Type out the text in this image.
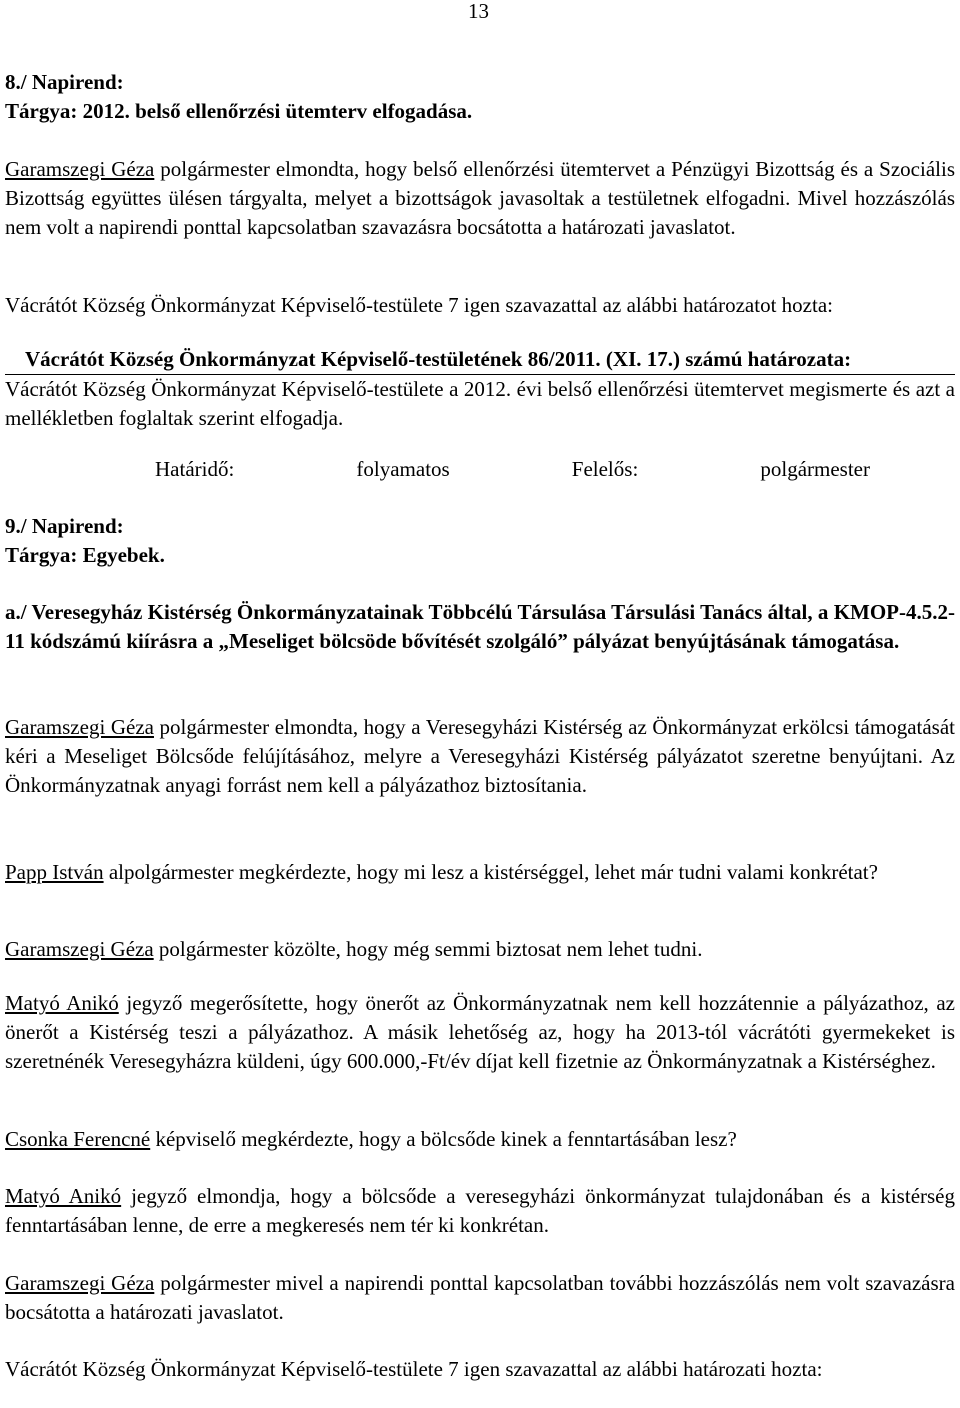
13
8./ Napirend:
Tárgya: 2012. belső ellenőrzési ütemterv elfogadása.

Garamszegi Géza polgármester elmondta, hogy belső ellenőrzési ütemtervet a Pénzügyi Bizottság és a Szociális Bizottság együttes ülésen tárgyalta, melyet a bizottságok javasoltak a testületnek elfogadni. Mivel hozzászólás nem volt a napirendi ponttal kapcsolatban szavazásra bocsátotta a határozati javaslatot.

Vácrátót Község Önkormányzat Képviselő-testülete 7 igen szavazattal az alábbi határozatot hozta:

Vácrátót Község Önkormányzat Képviselő-testületének 86/2011. (XI. 17.) számú határozata:

Vácrátót Község Önkormányzat Képviselő-testülete a 2012. évi belső ellenőrzési ütemtervet megismerte és azt a mellékletben foglaltak szerint elfogadja.

Határidő:	folyamatos	Felelős:	polgármester
9./ Napirend:
Tárgya: Egyebek.

a./ Veresegyház Kistérség Önkormányzatainak Többcélú Társulása Társulási Tanács által, a KMOP-4.5.2-11 kódszámú kiírásra a „Meseliget bölcsöde bővítését szolgáló” pályázat benyújtásának támogatása.

Garamszegi Géza polgármester elmondta, hogy a Veresegyházi Kistérség az Önkormányzat erkölcsi támogatását kéri a Meseliget Bölcsőde felújításához, melyre a Veresegyházi Kistérség pályázatot szeretne benyújtani. Az Önkormányzatnak anyagi forrást nem kell a pályázathoz biztosítania.

Papp István alpolgármester megkérdezte, hogy mi lesz a kistérséggel, lehet már tudni valami konkrétat?

Garamszegi Géza polgármester közölte, hogy még semmi biztosat nem lehet tudni.

Matyó Anikó jegyző megerősítette, hogy önerőt az Önkormányzatnak nem kell hozzátennie a pályázathoz, az önerőt a Kistérség teszi a pályázathoz. A másik lehetőség az, hogy ha 2013-tól vácrátóti gyermekeket is szeretnénék Veresegyházra küldeni, úgy 600.000,-Ft/év díjat kell fizetnie az Önkormányzatnak a Kistérséghez.

Csonka Ferencné képviselő megkérdezte, hogy a bölcsőde kinek a fenntartásában lesz?

Matyó Anikó jegyző elmondja, hogy a bölcsőde a veresegyházi önkormányzat tulajdonában és a kistérség fenntartásában lenne, de erre a megkeresés nem tér ki konkrétan.

Garamszegi Géza polgármester mivel a napirendi ponttal kapcsolatban további hozzászólás nem volt szavazásra bocsátotta a határozati javaslatot.

Vácrátót Község Önkormányzat Képviselő-testülete 7 igen szavazattal az alábbi határozati hozta:
